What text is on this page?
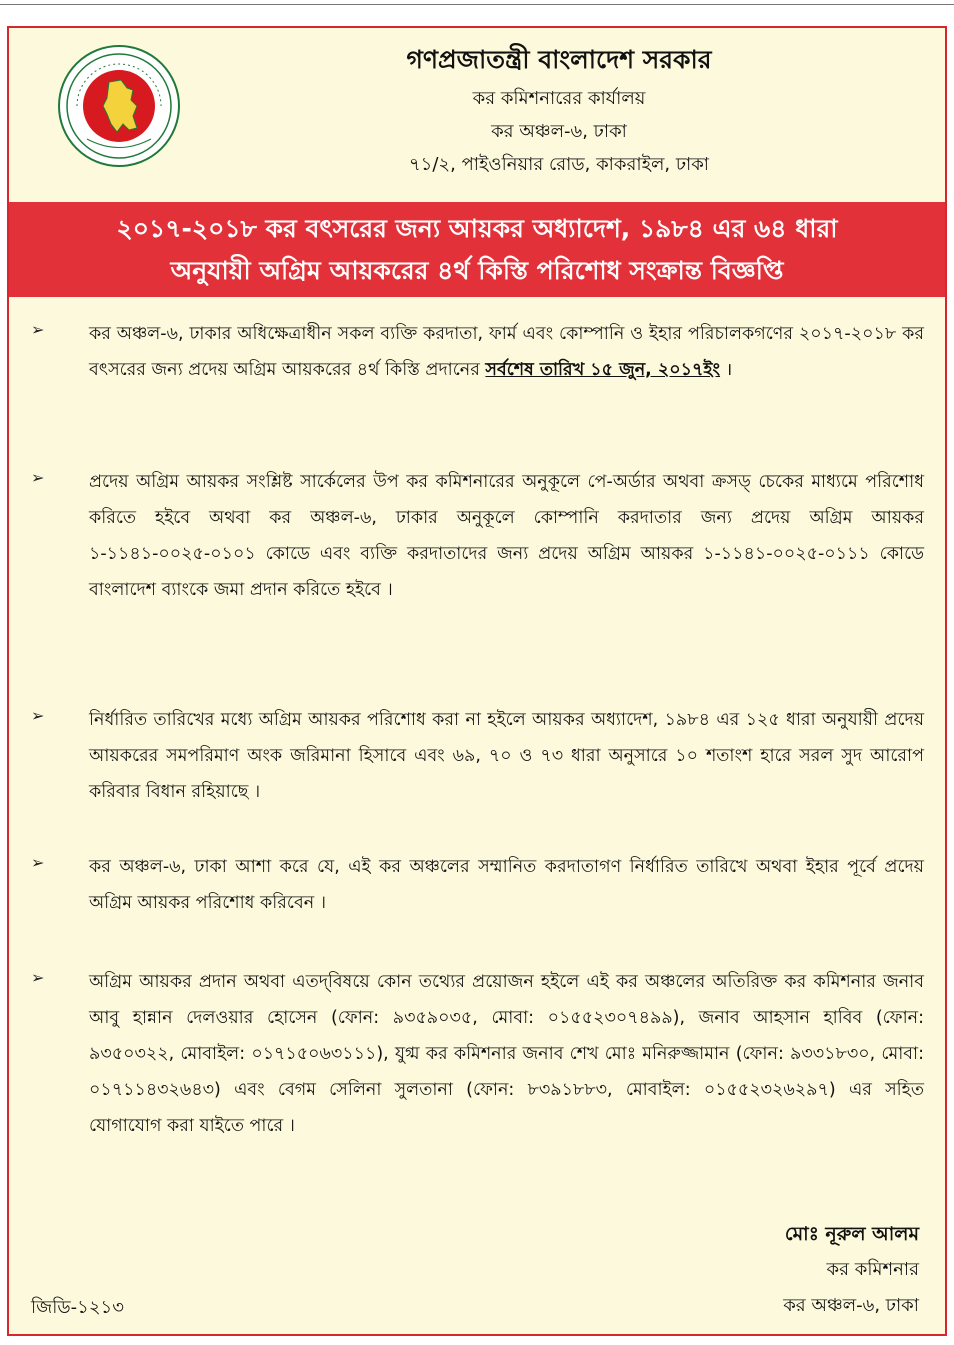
গণপ্রজাতন্ত্রী বাংলাদেশ সরকার
কর কমিশনারের কার্যালয়
কর অঞ্চল-৬, ঢাকা
৭১/২, পাইওনিয়ার রোড, কাকরাইল, ঢাকা
২০১৭-২০১৮ কর বৎসরের জন্য আয়কর অধ্যাদেশ, ১৯৮৪ এর ৬৪ ধারা
অনুযায়ী অগ্রিম আয়করের ৪র্থ কিস্তি পরিশোধ সংক্রান্ত বিজ্ঞপ্তি
➢	কর অঞ্চল-৬, ঢাকার অধিক্ষেত্রাধীন সকল ব্যক্তি করদাতা, ফার্ম এবং কোম্পানি ও ইহার পরিচালকগণের ২০১৭-২০১৮ কর বৎসরের জন্য প্রদেয় অগ্রিম আয়করের ৪র্থ কিস্তি প্রদানের সর্বশেষ তারিখ ১৫ জুন, ২০১৭ইং ।
➢	প্রদেয় অগ্রিম আয়কর সংশ্লিষ্ট সার্কেলের উপ কর কমিশনারের অনুকূলে পে-অর্ডার অথবা ক্রসড্ চেকের মাধ্যমে পরিশোধ করিতে হইবে অথবা কর অঞ্চল-৬, ঢাকার অনুকূলে কোম্পানি করদাতার জন্য প্রদেয় অগ্রিম আয়কর ১-১১৪১-০০২৫-০১০১ কোডে এবং ব্যক্তি করদাতাদের জন্য প্রদেয় অগ্রিম আয়কর ১-১১৪১-০০২৫-০১১১ কোডে বাংলাদেশ ব্যাংকে জমা প্রদান করিতে হইবে ।
➢	নির্ধারিত তারিখের মধ্যে অগ্রিম আয়কর পরিশোধ করা না হইলে আয়কর অধ্যাদেশ, ১৯৮৪ এর ১২৫ ধারা অনুযায়ী প্রদেয় আয়করের সমপরিমাণ অংক জরিমানা হিসাবে এবং ৬৯, ৭০ ও ৭৩ ধারা অনুসারে ১০ শতাংশ হারে সরল সুদ আরোপ করিবার বিধান রহিয়াছে ।
➢	কর অঞ্চল-৬, ঢাকা আশা করে যে, এই কর অঞ্চলের সম্মানিত করদাতাগণ নির্ধারিত তারিখে অথবা ইহার পূর্বে প্রদেয় অগ্রিম আয়কর পরিশোধ করিবেন ।
➢	অগ্রিম আয়কর প্রদান অথবা এতদ্‌বিষয়ে কোন তথ্যের প্রয়োজন হইলে এই কর অঞ্চলের অতিরিক্ত কর কমিশনার জনাব আবু হান্নান দেলওয়ার হোসেন (ফোন: ৯৩৫৯০৩৫, মোবা: ০১৫৫২৩০৭৪৯৯), জনাব আহসান হাবিব (ফোন: ৯৩৫০৩২২, মোবাইল: ০১৭১৫০৬৩১১১), যুগ্ম কর কমিশনার জনাব শেখ মোঃ মনিরুজ্জামান (ফোন: ৯৩৩১৮৩০, মোবা: ০১৭১১৪৩২৬৪৩) এবং বেগম সেলিনা সুলতানা (ফোন: ৮৩৯১৮৮৩, মোবাইল: ০১৫৫২৩২৬২৯৭) এর সহিত যোগাযোগ করা যাইতে পারে ।
মোঃ নূরুল আলম
কর কমিশনার
কর অঞ্চল-৬, ঢাকা
জিডি-১২১৩
